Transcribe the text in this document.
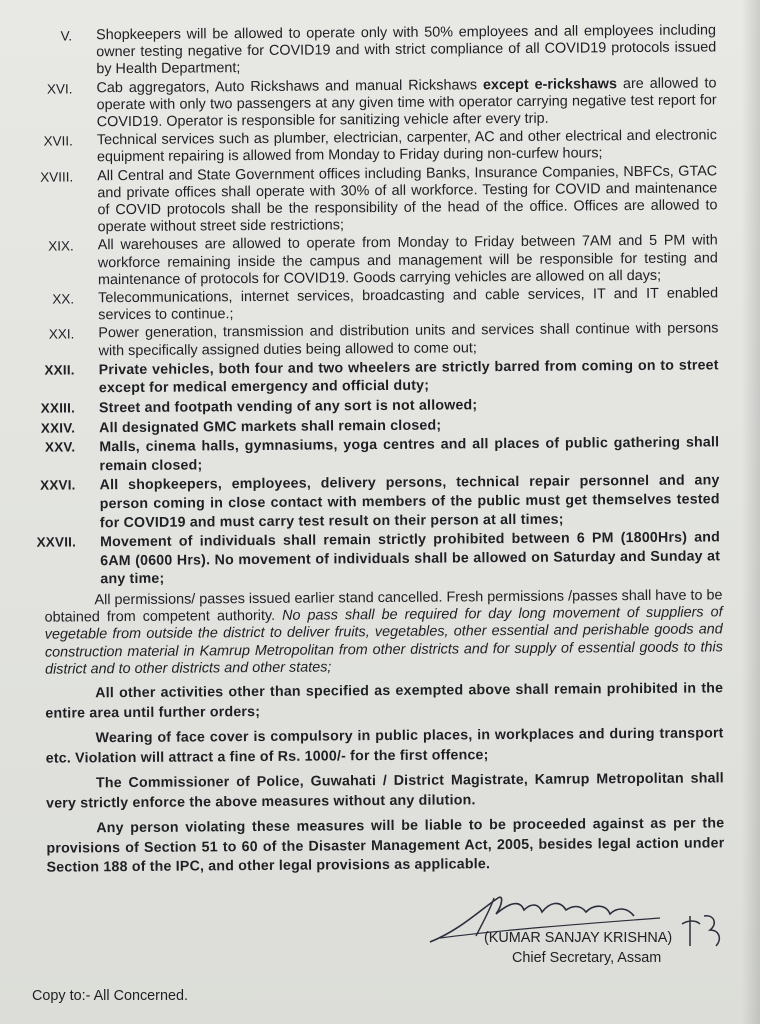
V. Shopkeepers will be allowed to operate only with 50% employees and all employees including owner testing negative for COVID19 and with strict compliance of all COVID19 protocols issued by Health Department;
XVI. Cab aggregators, Auto Rickshaws and manual Rickshaws except e-rickshaws are allowed to operate with only two passengers at any given time with operator carrying negative test report for COVID19. Operator is responsible for sanitizing vehicle after every trip.
XVII. Technical services such as plumber, electrician, carpenter, AC and other electrical and electronic equipment repairing is allowed from Monday to Friday during non-curfew hours;
XVIII. All Central and State Government offices including Banks, Insurance Companies, NBFCs, GTAC and private offices shall operate with 30% of all workforce. Testing for COVID and maintenance of COVID protocols shall be the responsibility of the head of the office. Offices are allowed to operate without street side restrictions;
XIX. All warehouses are allowed to operate from Monday to Friday between 7AM and 5 PM with workforce remaining inside the campus and management will be responsible for testing and maintenance of protocols for COVID19. Goods carrying vehicles are allowed on all days;
XX. Telecommunications, internet services, broadcasting and cable services, IT and IT enabled services to continue.;
XXI. Power generation, transmission and distribution units and services shall continue with persons with specifically assigned duties being allowed to come out;
XXII. Private vehicles, both four and two wheelers are strictly barred from coming on to street except for medical emergency and official duty;
XXIII. Street and footpath vending of any sort is not allowed;
XXIV. All designated GMC markets shall remain closed;
XXV. Malls, cinema halls, gymnasiums, yoga centres and all places of public gathering shall remain closed;
XXVI. All shopkeepers, employees, delivery persons, technical repair personnel and any person coming in close contact with members of the public must get themselves tested for COVID19 and must carry test result on their person at all times;
XXVII. Movement of individuals shall remain strictly prohibited between 6 PM (1800Hrs) and 6AM (0600 Hrs). No movement of individuals shall be allowed on Saturday and Sunday at any time;
All permissions/ passes issued earlier stand cancelled. Fresh permissions /passes shall have to be obtained from competent authority. No pass shall be required for day long movement of suppliers of vegetable from outside the district to deliver fruits, vegetables, other essential and perishable goods and construction material in Kamrup Metropolitan from other districts and for supply of essential goods to this district and to other districts and other states;
All other activities other than specified as exempted above shall remain prohibited in the entire area until further orders;
Wearing of face cover is compulsory in public places, in workplaces and during transport etc. Violation will attract a fine of Rs. 1000/- for the first offence;
The Commissioner of Police, Guwahati / District Magistrate, Kamrup Metropolitan shall very strictly enforce the above measures without any dilution.
Any person violating these measures will be liable to be proceeded against as per the provisions of Section 51 to 60 of the Disaster Management Act, 2005, besides legal action under Section 188 of the IPC, and other legal provisions as applicable.
(KUMAR SANJAY KRISHNA)
Chief Secretary, Assam
Copy to:- All Concerned.
